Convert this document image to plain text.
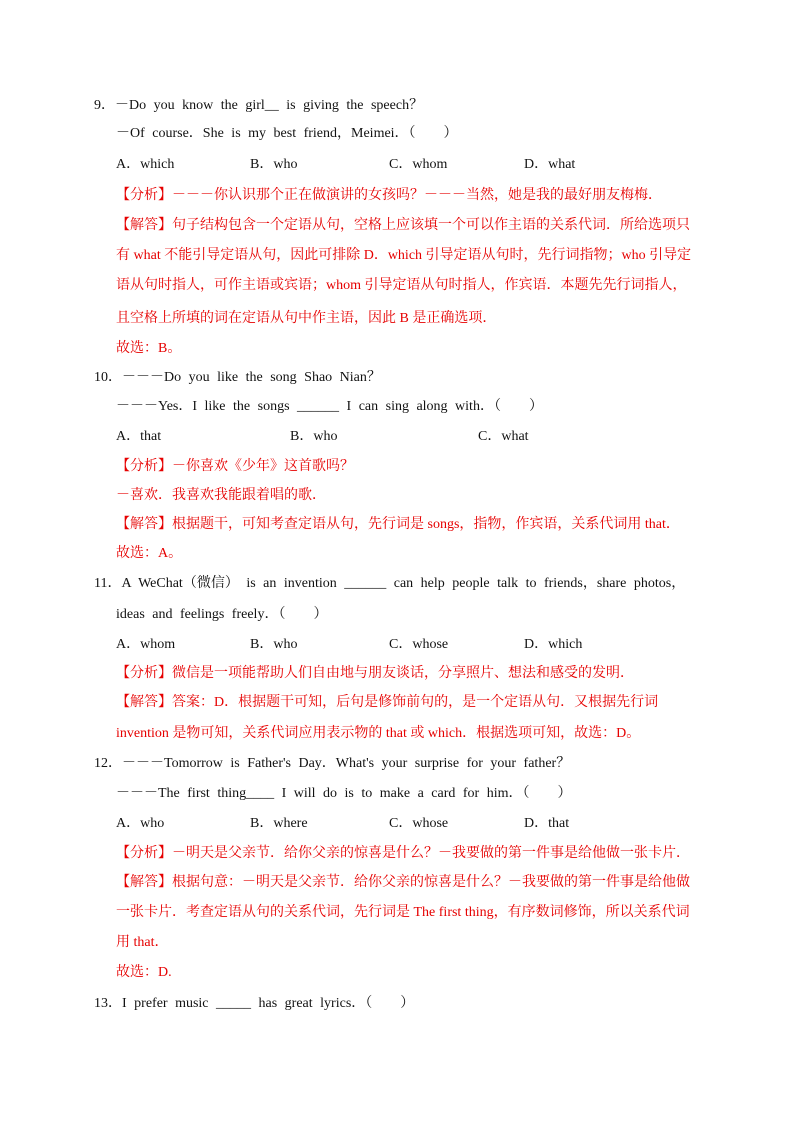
9．－Do you know the girl__ is giving the speech？
－Of course．She is my best friend，Meimei．（　　）
A．which	B．who	C．whom	D．what
【分析】－－－你认识那个正在做演讲的女孩吗？－－－当然，她是我的最好朋友梅梅．
【解答】句子结构包含一个定语从句，空格上应该填一个可以作主语的关系代词．所给选项只
有 what 不能引导定语从句，因此可排除 D．which 引导定语从句时，先行词指物；who 引导定
语从句时指人，可作主语或宾语；whom 引导定语从句时指人，作宾语．本题先先行词指人，
且空格上所填的词在定语从句中作主语，因此 B 是正确选项．
故选：B。
10．－－－Do you like the song Shao Nian？
－－－Yes．I like the songs ______ I can sing along with．（　　）
A．that	B．who	C．what
【分析】－你喜欢《少年》这首歌吗？
－喜欢．我喜欢我能跟着唱的歌．
【解答】根据题干，可知考查定语从句，先行词是 songs，指物，作宾语，关系代词用 that．
故选：A。
11．A WeChat（微信） is an invention ______ can help people talk to friends，share photos，
ideas and feelings freely．（　　）
A．whom	B．who	C．whose	D．which
【分析】微信是一项能帮助人们自由地与朋友谈话，分享照片、想法和感受的发明．
【解答】答案：D．根据题干可知，后句是修饰前句的，是一个定语从句．又根据先行词
invention 是物可知，关系代词应用表示物的 that 或 which．根据选项可知，故选：D。
12．－－－Tomorrow is Father's Day．What's your surprise for your father？
－－－The first thing____ I will do is to make a card for him．（　　）
A．who	B．where	C．whose	D．that
【分析】－明天是父亲节．给你父亲的惊喜是什么？－我要做的第一件事是给他做一张卡片．
【解答】根据句意：－明天是父亲节．给你父亲的惊喜是什么？－我要做的第一件事是给他做
一张卡片．考查定语从句的关系代词，先行词是 The first thing，有序数词修饰，所以关系代词
用 that．
故选：D.
13．I prefer music _____ has great lyrics．（　　）
